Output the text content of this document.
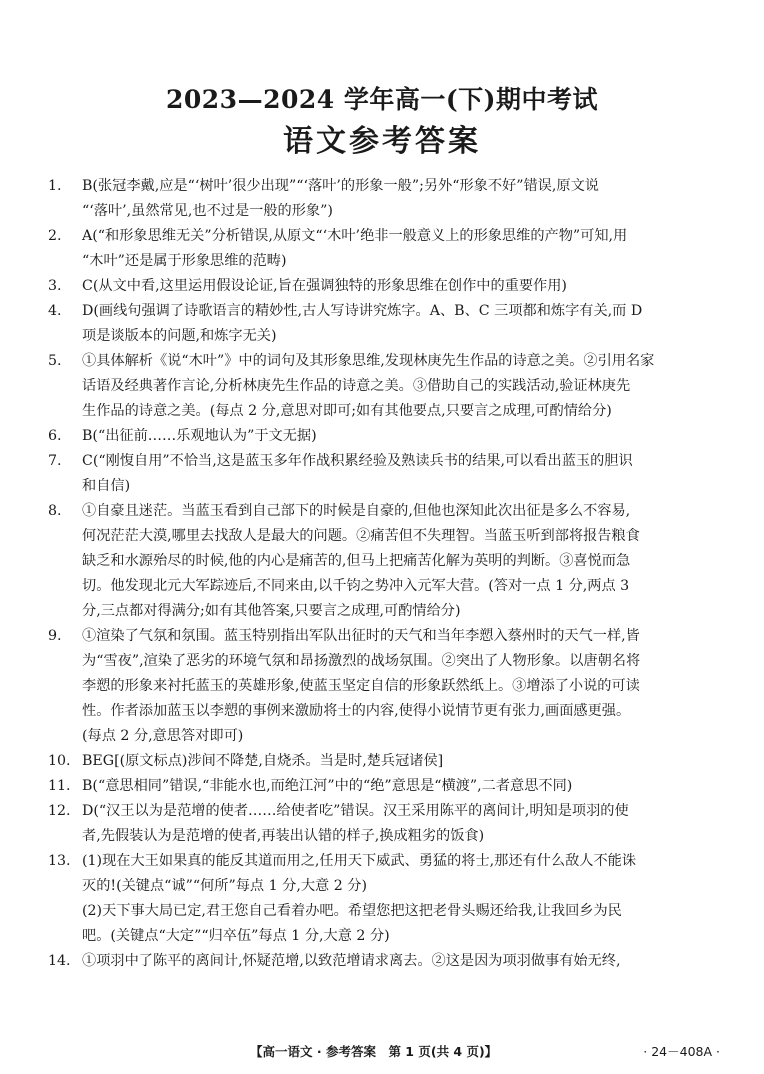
2023—2024 学年高一(下)期中考试
语文参考答案
1. B(张冠李戴,应是“‘树叶’很少出现”“‘落叶’的形象一般”;另外“形象不好”错误,原文说
“‘落叶’,虽然常见,也不过是一般的形象”)
2. A(“和形象思维无关”分析错误,从原文“‘木叶’绝非一般意义上的形象思维的产物”可知,用
“木叶”还是属于形象思维的范畴)
3. C(从文中看,这里运用假设论证,旨在强调独特的形象思维在创作中的重要作用)
4. D(画线句强调了诗歌语言的精妙性,古人写诗讲究炼字。A、B、C 三项都和炼字有关,而 D
项是谈版本的问题,和炼字无关)
5. ①具体解析《说“木叶”》中的词句及其形象思维,发现林庚先生作品的诗意之美。②引用名家
话语及经典著作言论,分析林庚先生作品的诗意之美。③借助自己的实践活动,验证林庚先
生作品的诗意之美。(每点 2 分,意思对即可;如有其他要点,只要言之成理,可酌情给分)
6. B(“出征前……乐观地认为”于文无据)
7. C(“刚愎自用”不恰当,这是蓝玉多年作战积累经验及熟读兵书的结果,可以看出蓝玉的胆识
和自信)
8. ①自豪且迷茫。当蓝玉看到自己部下的时候是自豪的,但他也深知此次出征是多么不容易,
何况茫茫大漠,哪里去找敌人是最大的问题。②痛苦但不失理智。当蓝玉听到部将报告粮食
缺乏和水源殆尽的时候,他的内心是痛苦的,但马上把痛苦化解为英明的判断。③喜悦而急
切。他发现北元大军踪迹后,不同来由,以千钧之势冲入元军大营。(答对一点 1 分,两点 3
分,三点都对得满分;如有其他答案,只要言之成理,可酌情给分)
9. ①渲染了气氛和氛围。蓝玉特别指出军队出征时的天气和当年李愬入蔡州时的天气一样,皆
为“雪夜”,渲染了恶劣的环境气氛和昂扬激烈的战场氛围。②突出了人物形象。以唐朝名将
李愬的形象来衬托蓝玉的英雄形象,使蓝玉坚定自信的形象跃然纸上。③增添了小说的可读
性。作者添加蓝玉以李愬的事例来激励将士的内容,使得小说情节更有张力,画面感更强。
(每点 2 分,意思答对即可)
10. BEG[(原文标点)涉间不降楚,自烧杀。当是时,楚兵冠诸侯]
11. B(“意思相同”错误,“非能水也,而绝江河”中的“绝”意思是“横渡”,二者意思不同)
12. D(“汉王以为是范增的使者……给使者吃”错误。汉王采用陈平的离间计,明知是项羽的使
者,先假装认为是范增的使者,再装出认错的样子,换成粗劣的饭食)
13. (1)现在大王如果真的能反其道而用之,任用天下威武、勇猛的将士,那还有什么敌人不能诛
灭的!(关键点“诚”“何所”每点 1 分,大意 2 分)
(2)天下事大局已定,君王您自己看着办吧。希望您把这把老骨头赐还给我,让我回乡为民
吧。(关键点“大定”“归卒伍”每点 1 分,大意 2 分)
14. ①项羽中了陈平的离间计,怀疑范增,以致范增请求离去。②这是因为项羽做事有始无终,
【高一语文 · 参考答案　第 1 页(共 4 页)】	· 24－408A ·
